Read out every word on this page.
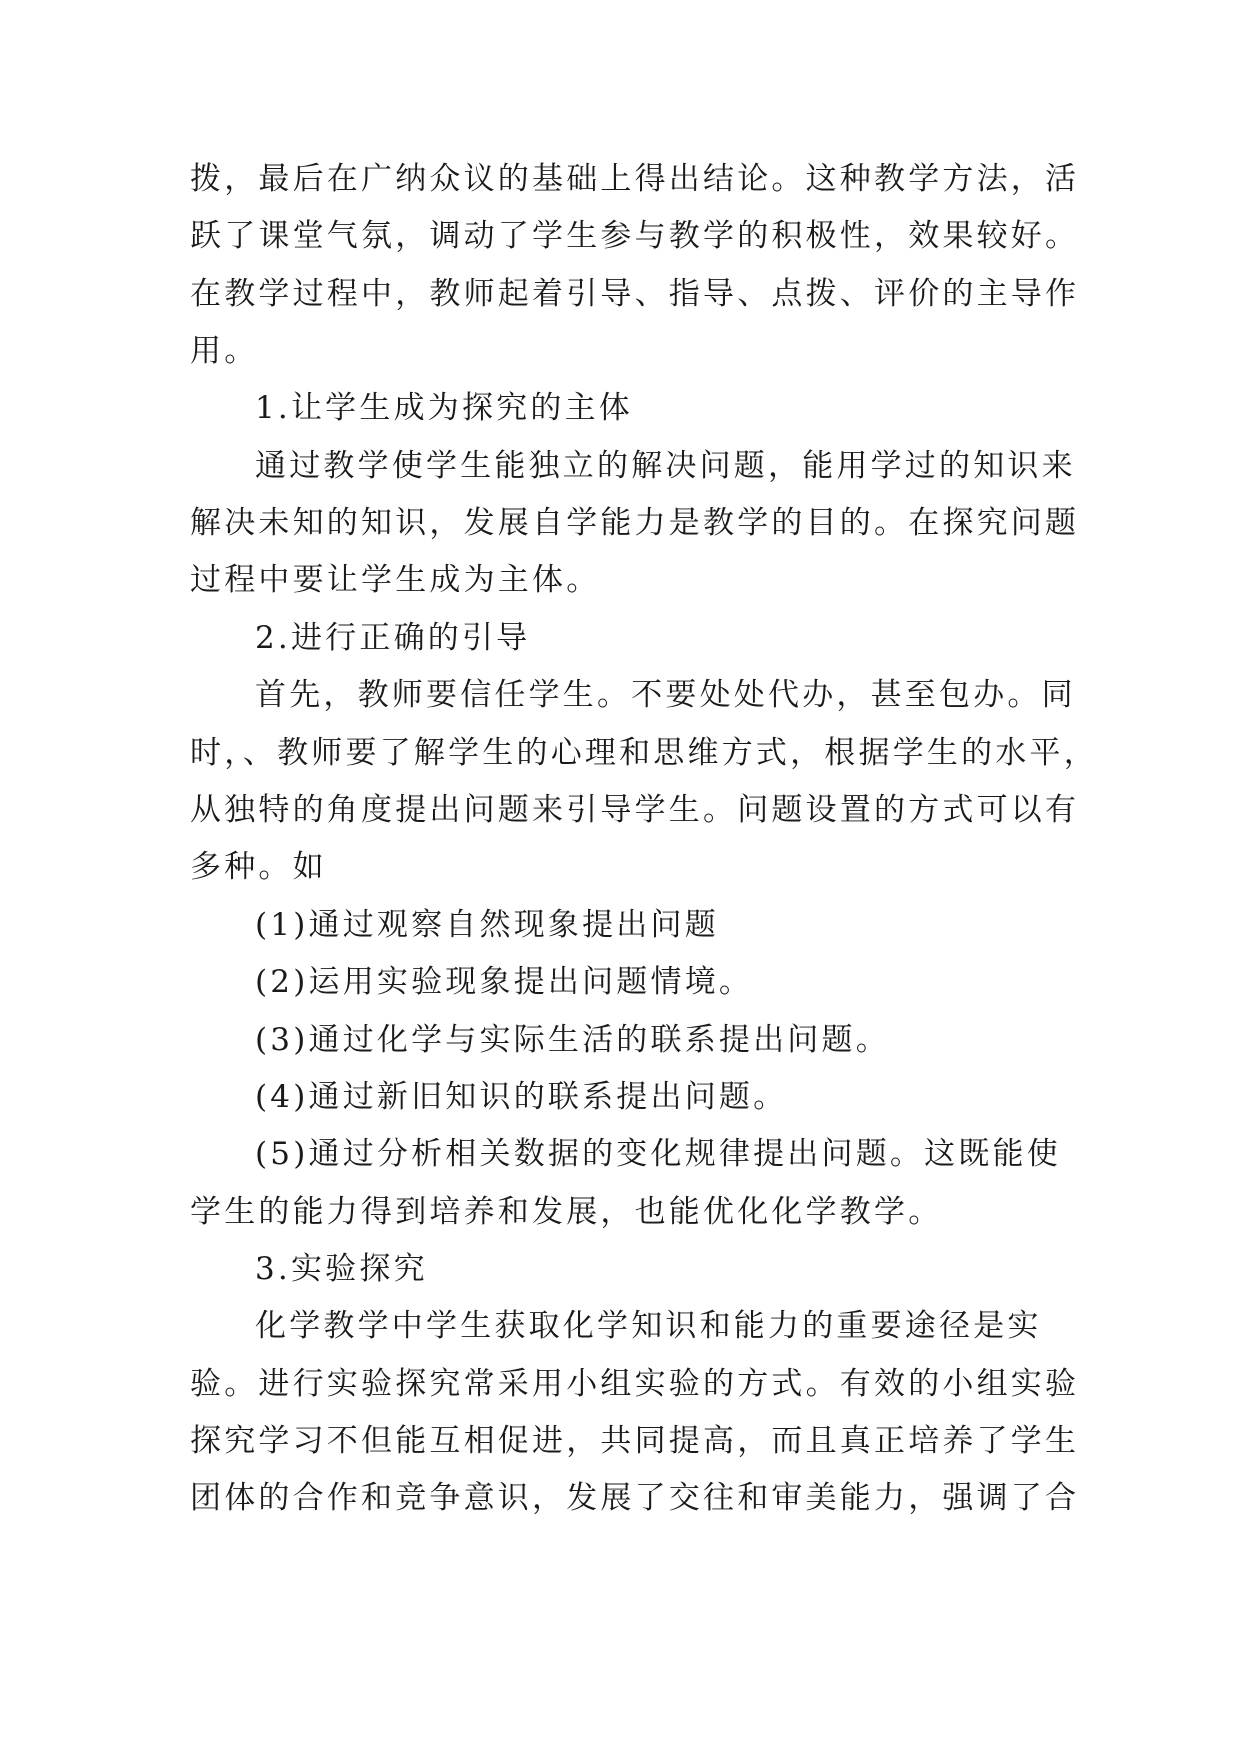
拨，最后在广纳众议的基础上得出结论。这种教学方法，活
跃了课堂气氛，调动了学生参与教学的积极性，效果较好。
在教学过程中，教师起着引导、指导、点拨、评价的主导作
用。
1.让学生成为探究的主体
通过教学使学生能独立的解决问题，能用学过的知识来
解决未知的知识，发展自学能力是教学的目的。在探究问题
过程中要让学生成为主体。
2.进行正确的引导
首先，教师要信任学生。不要处处代办，甚至包办。同
时，、教师要了解学生的心理和思维方式，根据学生的水平，
从独特的角度提出问题来引导学生。问题设置的方式可以有
多种。如
(1)通过观察自然现象提出问题
(2)运用实验现象提出问题情境。
(3)通过化学与实际生活的联系提出问题。
(4)通过新旧知识的联系提出问题。
(5)通过分析相关数据的变化规律提出问题。这既能使
学生的能力得到培养和发展，也能优化化学教学。
3.实验探究
化学教学中学生获取化学知识和能力的重要途径是实
验。进行实验探究常采用小组实验的方式。有效的小组实验
探究学习不但能互相促进，共同提高，而且真正培养了学生
团体的合作和竞争意识，发展了交往和审美能力，强调了合
